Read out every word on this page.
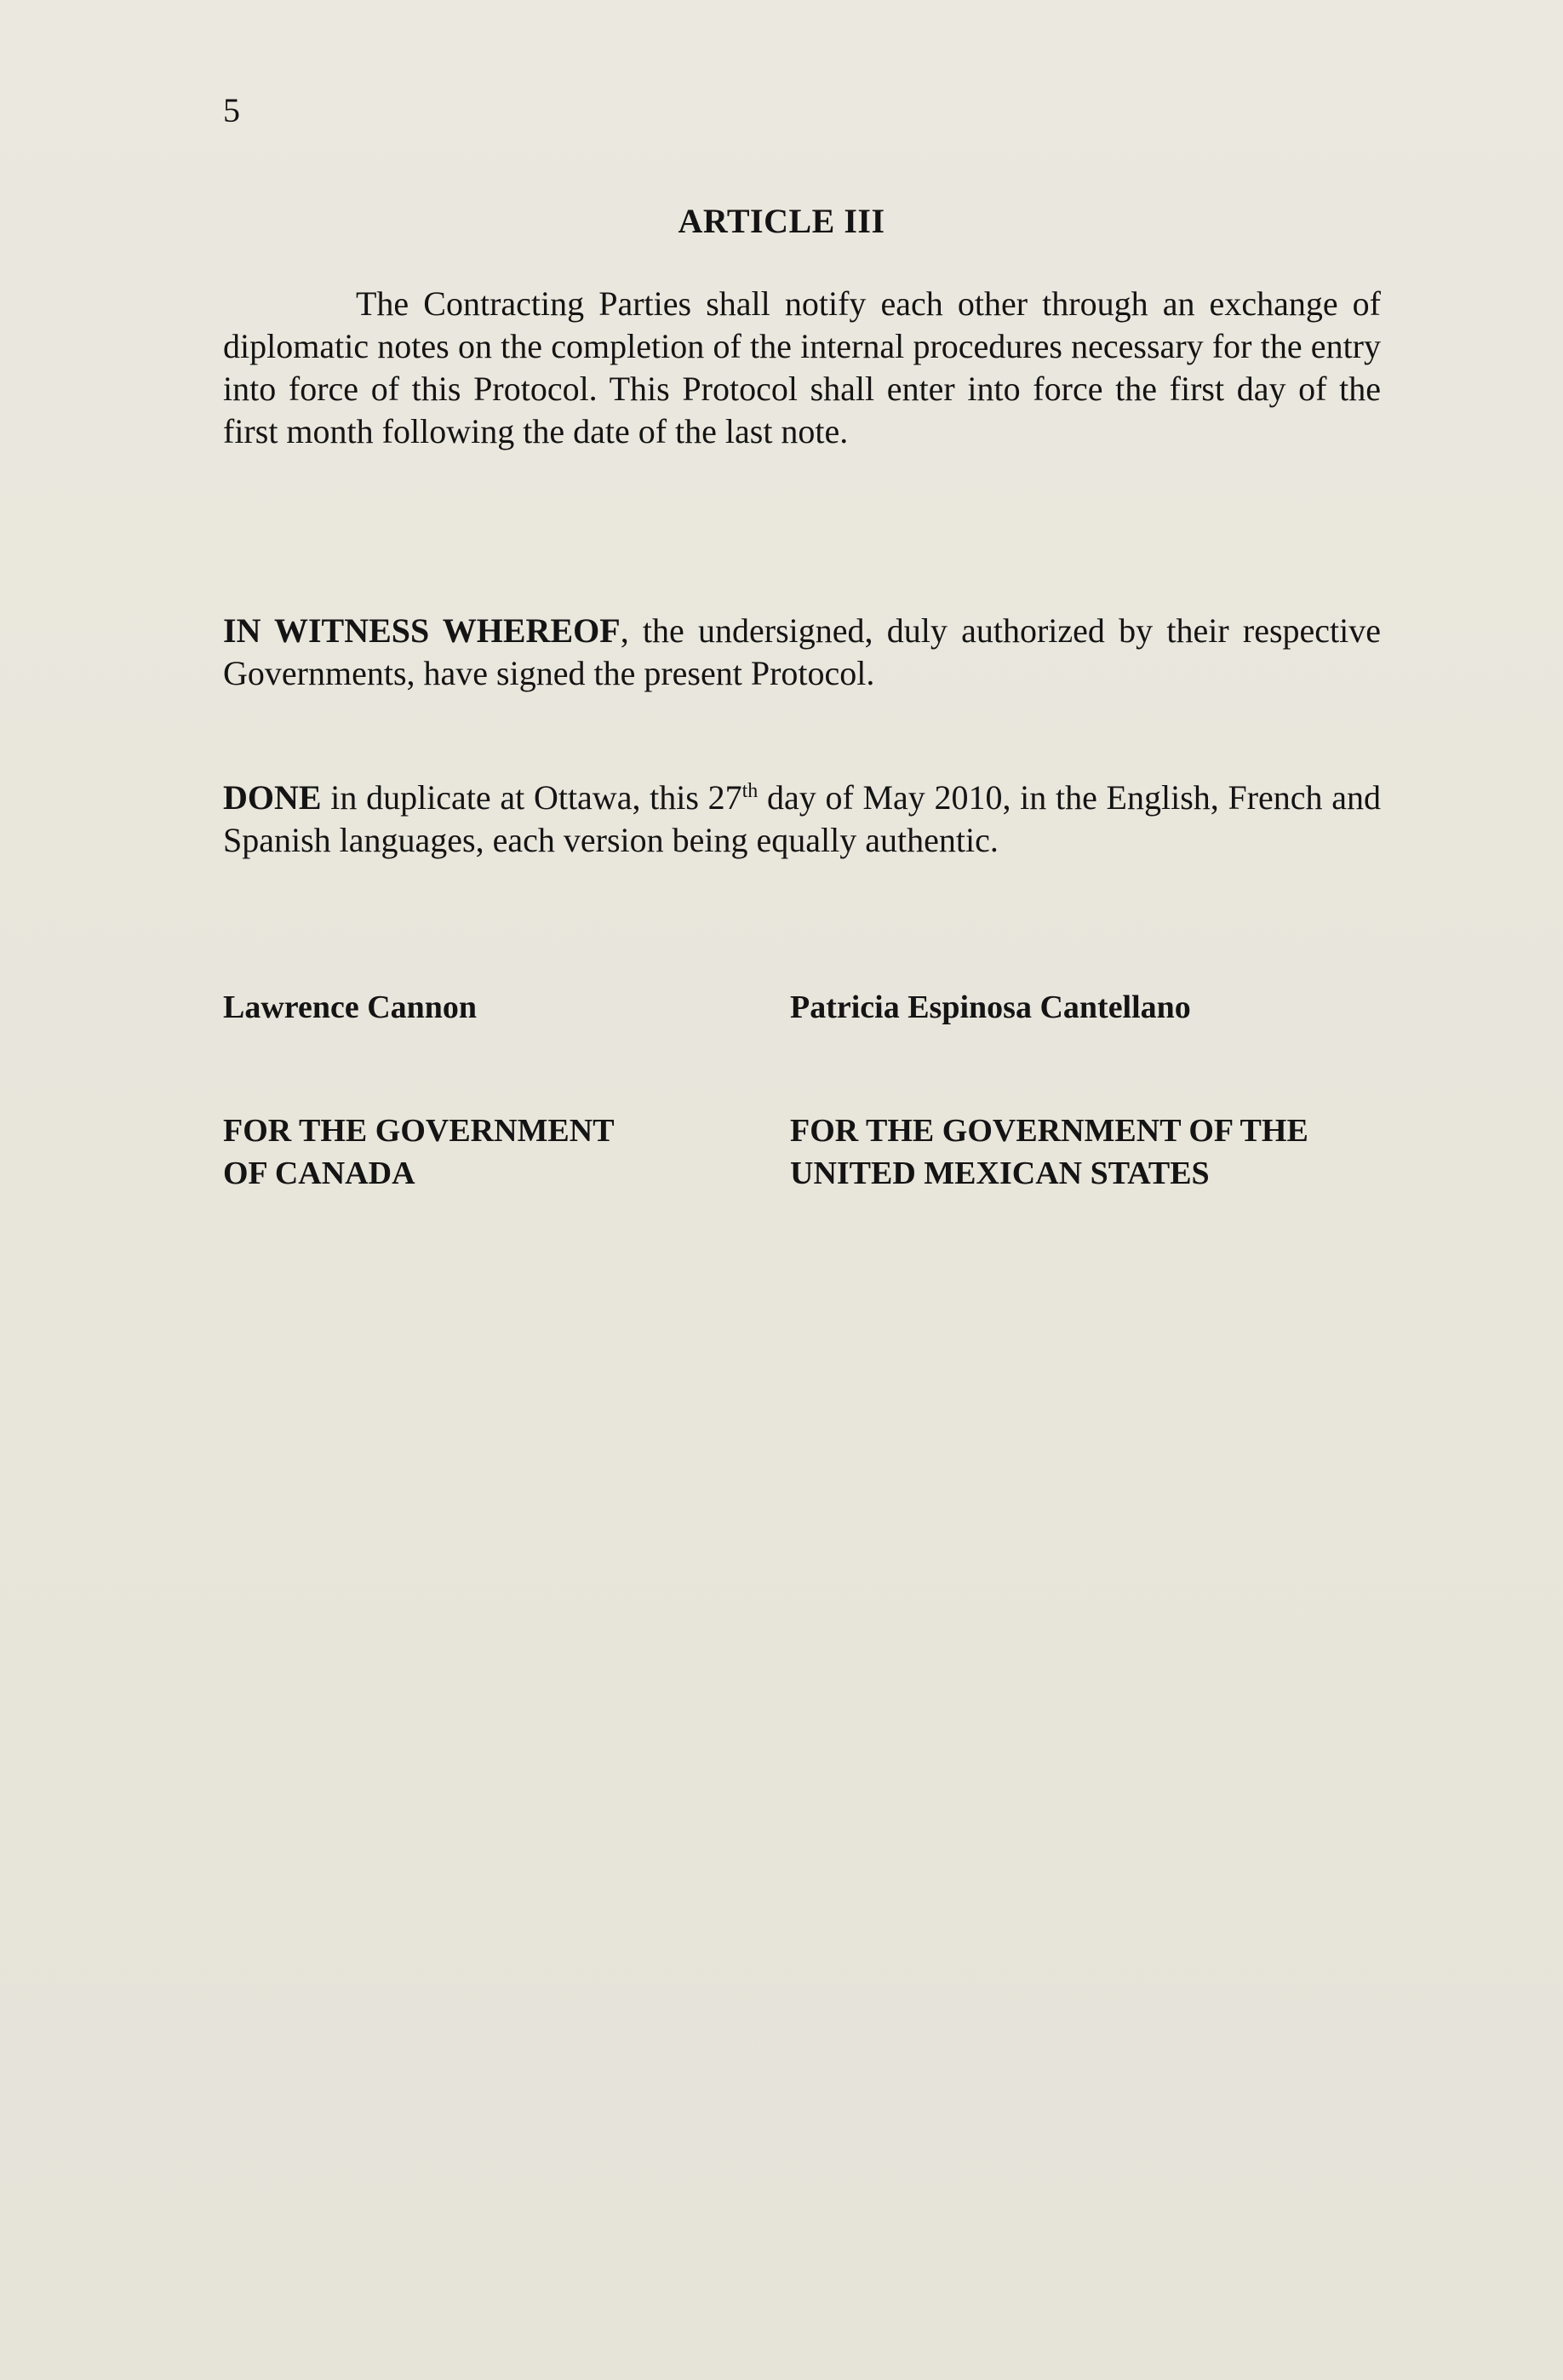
5
ARTICLE III

The Contracting Parties shall notify each other through an exchange of diplomatic notes on the completion of the internal procedures necessary for the entry into force of this Protocol. This Protocol shall enter into force the first day of the first month following the date of the last note.

IN WITNESS WHEREOF, the undersigned, duly authorized by their respective Governments, have signed the present Protocol.

DONE in duplicate at Ottawa, this 27th day of May 2010, in the English, French and Spanish languages, each version being equally authentic.

Lawrence Cannon	Patricia Espinosa Cantellano
FOR THE GOVERNMENT
OF CANADA
FOR THE GOVERNMENT OF THE
UNITED MEXICAN STATES
